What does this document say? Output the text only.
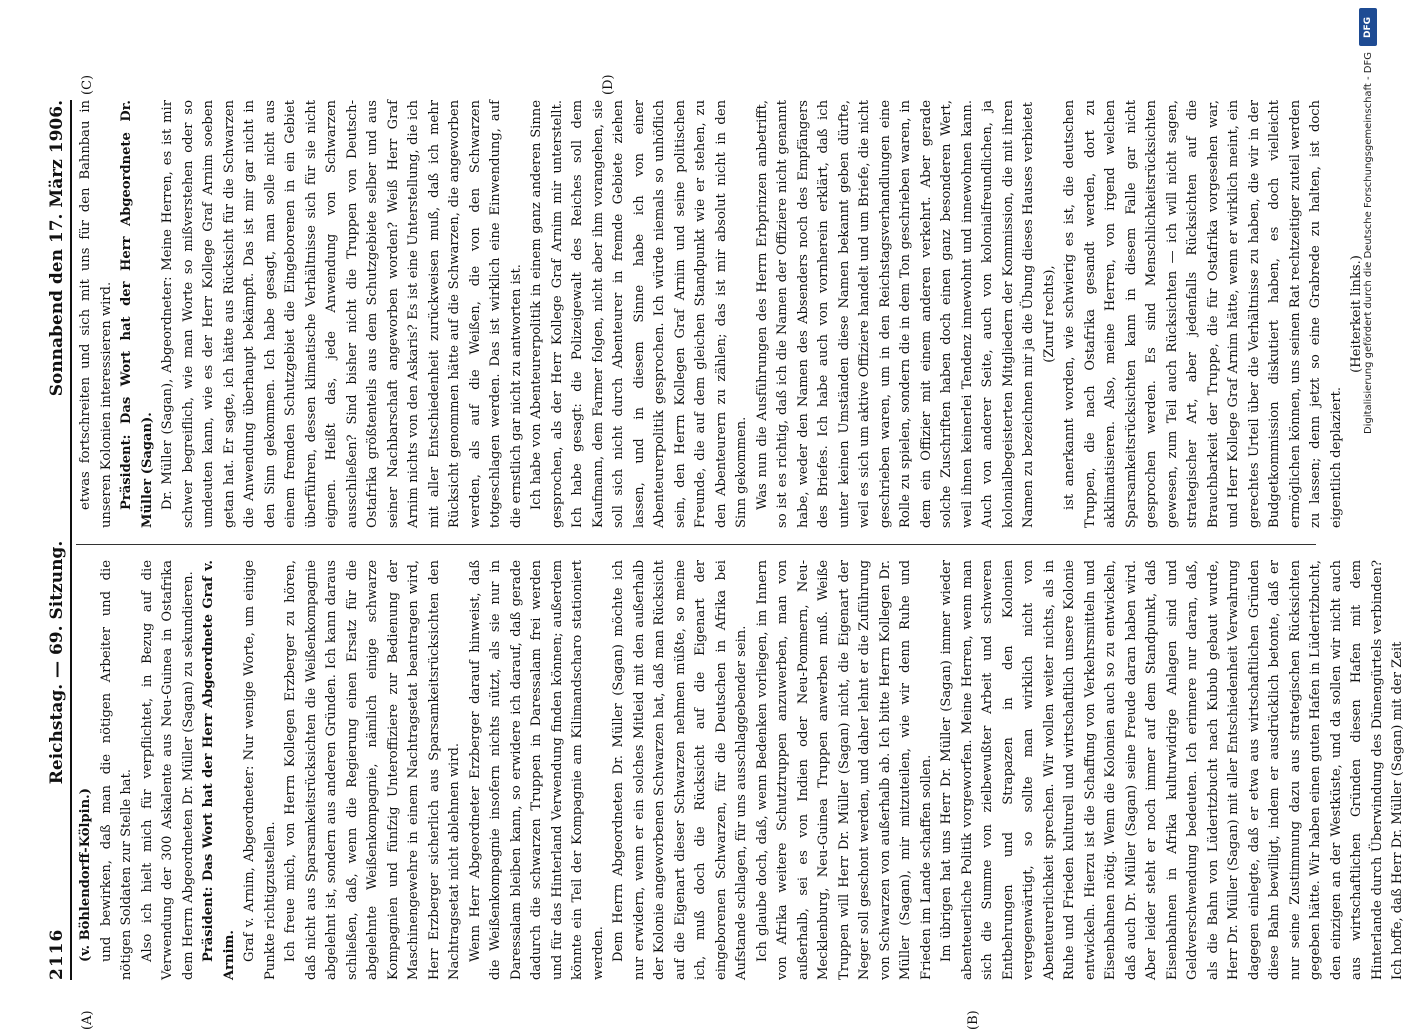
2116
Reichstag. — 69. Sitzung.
Sonnabend den 17. März 1906.
(A)	(B)
(C)	(D)

(v. Böhlendorff-Kölpin.) und bewirken, daß man die nötigen Arbeiter und die nötigen Soldaten zur Stelle hat. Also ich hielt mich für verpflichtet, in Bezug auf die Verwendung der 300 Askalente aus Neu-Guinea in Ostafrika dem Herrn Abgeordneten Dr. Müller (Sagan) zu sekundieren. Präsident: Das Wort hat der Herr Abgeordnete Graf v. Arnim. Graf v. Arnim, Abgeordneter: Nur wenige Worte, um einige Punkte richtigzustellen. Ich freue mich, von Herrn Kollegen Erzberger zu hören, daß nicht aus Sparsamkeitsrücksichten die Weißenkompagnie abgelehnt ist, sondern aus anderen Gründen. Ich kann daraus schließen, daß, wenn die Regierung einen Ersatz für die abgelehnte Weißenkompagnie, nämlich einige schwarze Kompagnien und fünfzig Unteroffiziere zur Bedienung der Maschinengewehre in einem Nachtragsetat beantragen wird, Herr Erzberger sicherlich aus Sparsamkeitsrücksichten den Nachtragsetat nicht ablehnen wird. Wenn Herr Abgeordneter Erzberger darauf hinweist, daß die Weißenkompagnie insofern nichts nützt, als sie nur in Daressalam bleiben kann, so erwidere ich darauf, daß gerade dadurch die schwarzen Truppen in Daressalam frei werden und für das Hinterland Verwendung finden können; außerdem könnte ein Teil der Kompagnie am Kilimandscharo stationiert werden. Dem Herrn Abgeordneten Dr. Müller (Sagan) möchte ich nur erwidern, wenn er ein solches Mitleid mit den außerhalb der Kolonie angeworbenen Schwarzen hat, daß man Rücksicht auf die Eigenart dieser Schwarzen nehmen müßte, so meine ich, muß doch die Rücksicht auf die Eigenart der eingeborenen Schwarzen, für die Deutschen in Afrika bei Aufstande schlagen, für uns ausschlaggebender sein. Ich glaube doch, daß, wenn Bedenken vorliegen, im Innern von Afrika weitere Schutztruppen anzuwerben, man von außerhalb, sei es von Indien oder Neu-Pommern, Neu-Mecklenburg, Neu-Guinea Truppen anwerben muß. Weiße Truppen will Herr Dr. Müller (Sagan) nicht, die Eigenart der Neger soll geschont werden, und daher lehnt er die Zuführung von Schwarzen von außerhalb ab. Ich bitte Herrn Kollegen Dr. Müller (Sagan), mir mitzuteilen, wie wir denn Ruhe und Frieden im Lande schaffen sollen. Im übrigen hat uns Herr Dr. Müller (Sagan) immer wieder abenteuerliche Politik vorgeworfen. Meine Herren, wenn man sich die Summe von zielbewußter Arbeit und schweren Entbehrungen und Strapazen in den Kolonien vergegenwärtigt, so sollte man wirklich nicht von Abenteurerlichkeit sprechen. Wir wollen weiter nichts, als in Ruhe und Frieden kulturell und wirtschaftlich unsere Kolonie entwickeln. Hierzu ist die Schaffung von Verkehrsmitteln und Eisenbahnen nötig. Wenn die Kolonien auch so zu entwickeln, daß auch Dr. Müller (Sagan) seine Freude daran haben wird. Aber leider steht er noch immer auf dem Standpunkt, daß Eisenbahnen in Afrika kulturwidrige Anlagen sind und Geldverschwendung bedeuten. Ich erinnere nur daran, daß, als die Bahn von Lüderitzbucht nach Kubub gebaut wurde, Herr Dr. Müller (Sagan) mit aller Entschiedenheit Verwahrung dagegen einlegte, daß er etwa aus wirtschaftlichen Gründen diese Bahn bewilligt, indem er ausdrücklich betonte, daß er nur seine Zustimmung dazu aus strategischen Rücksichten gegeben hätte. Wir haben einen guten Hafen in Lüderitzbucht, den einzigen an der Westküste, und da sollen wir nicht auch aus wirtschaftlichen Gründen diesen Hafen mit dem Hinterlande durch Überwindung des Dünengürtels verbinden? Ich hoffe, daß Herr Dr. Müller (Sagan) mit der Zeit

etwas fortschreiten und sich mit uns für den Bahnbau in unseren Kolonien interessieren wird. Präsident: Das Wort hat der Herr Abgeordnete Dr. Müller (Sagan). Dr. Müller (Sagan), Abgeordneter: Meine Herren, es ist mir schwer begreiflich, wie man Worte so mißverstehen oder so umdeuten kann, wie es der Herr Kollege Graf Arnim soeben getan hat. Er sagte, ich hätte aus Rücksicht für die Schwarzen die Anwendung überhaupt bekämpft. Das ist mir gar nicht in den Sinn gekommen. Ich habe gesagt, man solle nicht aus einem fremden Schutzgebiet die Eingeborenen in ein Gebiet überführen, dessen klimatische Verhältnisse sich für sie nicht eignen. Heißt das, jede Anwendung von Schwarzen ausschließen? Sind bisher nicht die Truppen von Deutsch-Ostafrika größtenteils aus dem Schutzgebiete selber und aus seiner Nachbarschaft angeworben worden? Weiß Herr Graf Arnim nichts von den Askaris? Es ist eine Unterstellung, die ich mit aller Entschiedenheit zurückweisen muß, daß ich mehr Rücksicht genommen hätte auf die Schwarzen, die angeworben werden, als auf die Weißen, die von den Schwarzen totgeschlagen werden. Das ist wirklich eine Einwendung, auf die ernstlich gar nicht zu antworten ist. Ich habe von Abenteurerpolitik in einem ganz anderen Sinne gesprochen, als der Herr Kollege Graf Arnim mir unterstellt. Ich habe gesagt: die Polizeigewalt des Reiches soll dem Kaufmann, dem Farmer folgen, nicht aber ihm vorangehen, sie soll sich nicht durch Abenteurer in fremde Gebiete ziehen lassen, und in diesem Sinne habe ich von einer Abenteurerpolitik gesprochen. Ich würde niemals so unhöflich sein, den Herrn Kollegen Graf Arnim und seine politischen Freunde, die auf dem gleichen Standpunkt wie er stehen, zu den Abenteurern zu zählen; das ist mir absolut nicht in den Sinn gekommen. Was nun die Ausführungen des Herrn Erbprinzen anbetrifft, so ist es richtig, daß ich die Namen der Offiziere nicht genannt habe, weder den Namen des Absenders noch des Empfängers des Briefes. Ich habe auch von vornherein erklärt, daß ich unter keinen Umständen diese Namen bekannt geben dürfte, weil es sich um aktive Offiziere handelt und um Briefe, die nicht geschrieben waren, um in den Reichstagsverhandlungen eine Rolle zu spielen, sondern die in dem Ton geschrieben waren, in dem ein Offizier mit einem anderen verkehrt. Aber gerade solche Zuschriften haben doch einen ganz besonderen Wert, weil ihnen keinerlei Tendenz innewohnt und innewohnen kann. Auch von anderer Seite, auch von kolonialfreundlichen, ja kolonialbegeisterten Mitgliedern der Kommission, die mit ihren Namen zu bezeichnen mir ja die Übung dieses Hauses verbietet (Zuruf rechts), ist anerkannt worden, wie schwierig es ist, die deutschen Truppen, die nach Ostafrika gesandt werden, dort zu akklimatisieren. Also, meine Herren, von irgend welchen Sparsamkeitsrücksichten kann in diesem Falle gar nicht gesprochen werden. Es sind Menschlichkeitsrücksichten gewesen, zum Teil auch Rücksichten — ich will nicht sagen, strategischer Art, aber jedenfalls Rücksichten auf die Brauchbarkeit der Truppe, die für Ostafrika vorgesehen war, und Herr Kollege Graf Arnim hätte, wenn er wirklich meint, ein gerechtes Urteil über die Verhältnisse zu haben, die wir in der Budgetkommission diskutiert haben, es doch vielleicht ermöglichen können, uns seinen Rat rechtzeitiger zuteil werden zu lassen; denn jetzt so eine Grabrede zu halten, ist doch eigentlich deplaziert.

(Heiterkeit links.)

DFG
Digitalisierung gefördert durch die Deutsche Forschungsgemeinschaft - DFG
